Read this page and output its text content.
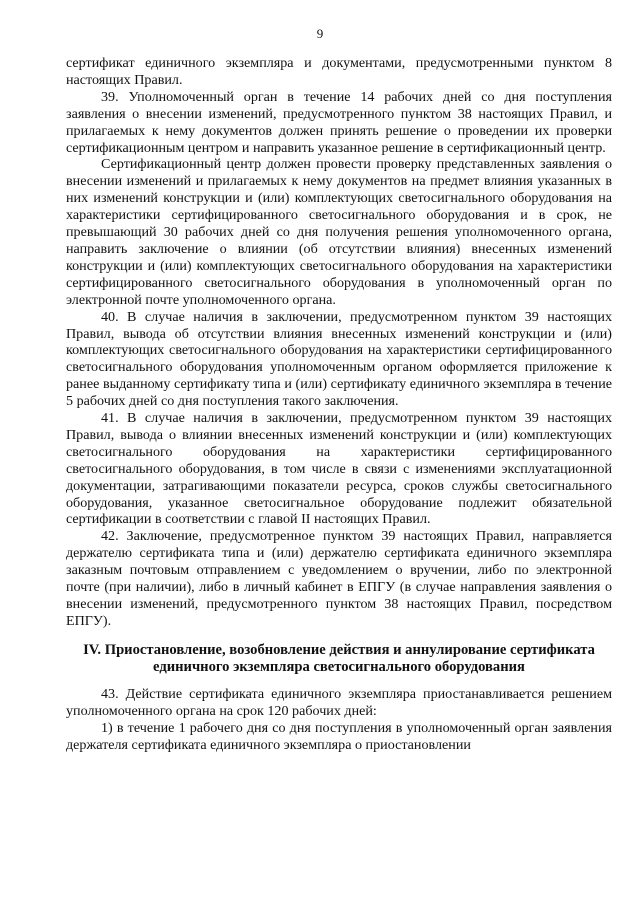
9

сертификат единичного экземпляра и документами, предусмотренными пунктом 8 настоящих Правил.

39. Уполномоченный орган в течение 14 рабочих дней со дня поступления заявления о внесении изменений, предусмотренного пунктом 38 настоящих Правил, и прилагаемых к нему документов должен принять решение о проведении их проверки сертификационным центром и направить указанное решение в сертификационный центр.

Сертификационный центр должен провести проверку представленных заявления о внесении изменений и прилагаемых к нему документов на предмет влияния указанных в них изменений конструкции и (или) комплектующих светосигнального оборудования на характеристики сертифицированного светосигнального оборудования и в срок, не превышающий 30 рабочих дней со дня получения решения уполномоченного органа, направить заключение о влиянии (об отсутствии влияния) внесенных изменений конструкции и (или) комплектующих светосигнального оборудования на характеристики сертифицированного светосигнального оборудования в уполномоченный орган по электронной почте уполномоченного органа.

40. В случае наличия в заключении, предусмотренном пунктом 39 настоящих Правил, вывода об отсутствии влияния внесенных изменений конструкции и (или) комплектующих светосигнального оборудования на характеристики сертифицированного светосигнального оборудования уполномоченным органом оформляется приложение к ранее выданному сертификату типа и (или) сертификату единичного экземпляра в течение 5 рабочих дней со дня поступления такого заключения.

41. В случае наличия в заключении, предусмотренном пунктом 39 настоящих Правил, вывода о влиянии внесенных изменений конструкции и (или) комплектующих светосигнального оборудования на характеристики сертифицированного светосигнального оборудования, в том числе в связи с изменениями эксплуатационной документации, затрагивающими показатели ресурса, сроков службы светосигнального оборудования, указанное светосигнальное оборудование подлежит обязательной сертификации в соответствии с главой II настоящих Правил.

42. Заключение, предусмотренное пунктом 39 настоящих Правил, направляется держателю сертификата типа и (или) держателю сертификата единичного экземпляра заказным почтовым отправлением с уведомлением о вручении, либо по электронной почте (при наличии), либо в личный кабинет в ЕПГУ (в случае направления заявления о внесении изменений, предусмотренного пунктом 38 настоящих Правил, посредством ЕПГУ).

IV. Приостановление, возобновление действия и аннулирование сертификата единичного экземпляра светосигнального оборудования

43. Действие сертификата единичного экземпляра приостанавливается решением уполномоченного органа на срок 120 рабочих дней:

1) в течение 1 рабочего дня со дня поступления в уполномоченный орган заявления держателя сертификата единичного экземпляра о приостановлении
